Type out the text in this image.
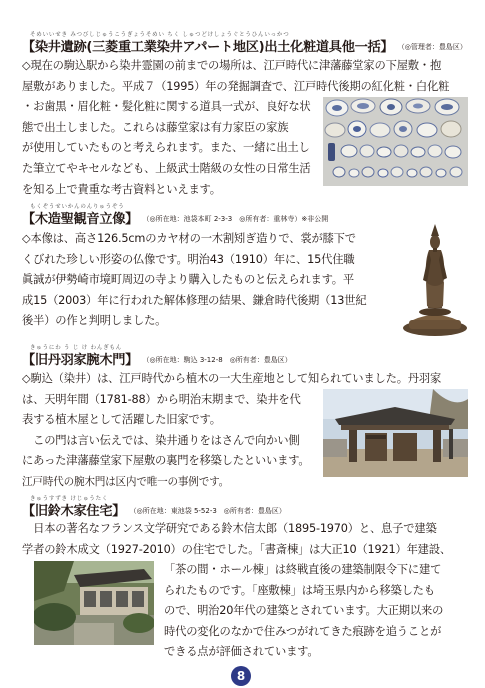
そめいいせき みつびしじゅうこうぎょうそめい ちく しゅつどけしょうぐとうひんいっかつ
【染井遺跡(三菱重工業染井アパート地区)出土化粧道具他一括】 （◎管理者：豊島区）

◇現在の駒込駅から染井霊園の前までの場所は、江戸時代に津藩藤堂家の下屋敷・抱

屋敷がありました。平成７（1995）年の発掘調査で、江戸時代後期の紅化粧・白化粧

・お歯黒・眉化粧・髪化粧に関する道具一式が、良好な状

態で出土しました。これらは藤堂家は有力家臣の家族

が使用していたものと考えられます。また、一緒に出土し

た筆立てやキセルなども、上級武士階級の女性の日常生活

を知る上で貴重な考古資料といえます。

もくぞうせいかんのんりゅうぞう
【木造聖観音立像】 （◎所在地：池袋本町 2-3-3　◎所有者：重林寺）※非公開

◇本像は、高さ126.5cmのカヤ材の一木割矧ぎ造りで、裳が膝下で

くびれた珍しい形姿の仏像です。明治43（1910）年に、15代住職

眞誠が伊勢崎市境町周辺の寺より購入したものと伝えられます。平

成15（2003）年に行われた解体修理の結果、鎌倉時代後期（13世紀

後半）の作と判明しました。

きゅうにわ う じ け わんぎもん
【旧丹羽家腕木門】 （◎所在地：駒込 3-12-8　◎所有者：豊島区）

◇駒込（染井）は、江戸時代から植木の一大生産地として知られていました。丹羽家

は、天明年間（1781-88）から明治末期まで、染井を代

表する植木屋として活躍した旧家です。

　この門は言い伝えでは、染井通りをはさんで向かい側

にあった津藩藤堂家下屋敷の裏門を移築したといいます。

江戸時代の腕木門は区内で唯一の事例です。

きゅうすずき けじゅうたく
【旧鈴木家住宅】 （◎所在地：東池袋 5-52-3　◎所有者：豊島区）

　日本の著名なフランス文学研究である鈴木信太郎（1895-1970）と、息子で建築

学者の鈴木成文（1927-2010）の住宅でした。「書斎棟」は大正10（1921）年建設、

「茶の間・ホール棟」は終戦直後の建築制限令下に建て

られたものです。「座敷棟」は埼玉県内から移築したも

ので、明治20年代の建築とされています。大正期以来の

時代の変化のなかで住みつがれてきた痕跡を追うことが

できる点が評価されています。

8
